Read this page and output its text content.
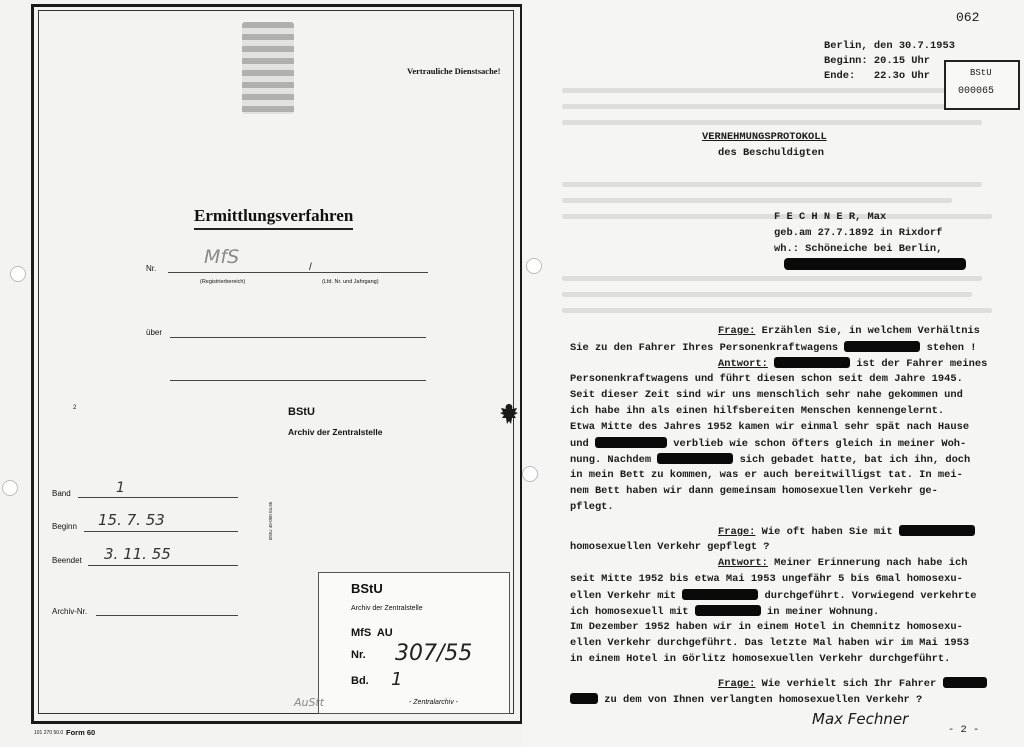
Vertrauliche Dienstsache!
Ermittlungsverfahren
Nr.
MfS	/
(Registrierbereich)	(Lfd. Nr. und Jahrgang)
über
2	BStU
Archiv der Zentralstelle
BStU 40-000 04.95
Band	1
Beginn 15. 7. 53
Beendet 3. 11. 55
Archiv-Nr.
BStU
Archiv der Zentralstelle
MfS  AU
Nr. 307/55
Bd. 1
- Zentralarchiv -
AuStt
101 270 50.0 Form 60
062
Berlin, den 30.7.1953
Beginn: 20.15 Uhr
Ende:   22.3o Uhr	BStU
000065
VERNEHMUNGSPROTOKOLL
des Beschuldigten
F E C H N E R, Max
geb.am 27.7.1892 in Rixdorf
wh.: Schöneiche bei Berlin,
Frage: Erzählen Sie, in welchem Verhältnis
Sie zu den Fahrer Ihres Personenkraftwagens	stehen !
Antwort:	ist der Fahrer meines
Personenkraftwagens und führt diesen schon seit dem Jahre 1945.
Seit dieser Zeit sind wir uns menschlich sehr nahe gekommen und
ich habe ihn als einen hilfsbereiten Menschen kennengelernt.
Etwa Mitte des Jahres 1952 kamen wir einmal sehr spät nach Hause
und	verblieb wie schon öfters gleich in meiner Woh-
nung. Nachdem	sich gebadet hatte, bat ich ihn, doch
in mein Bett zu kommen, was er auch bereitwilligst tat. In mei-
nem Bett haben wir dann gemeinsam homosexuellen Verkehr ge-
pflegt.
Frage: Wie oft haben Sie mit
homosexuellen Verkehr gepflegt ?
Antwort: Meiner Erinnerung nach habe ich
seit Mitte 1952 bis etwa Mai 1953 ungefähr 5 bis 6mal homosexu-
ellen Verkehr mit	durchgeführt. Vorwiegend verkehrte
ich homosexuell mit	in meiner Wohnung.
Im Dezember 1952 haben wir in einem Hotel in Chemnitz homosexu-
ellen Verkehr durchgeführt. Das letzte Mal haben wir im Mai 1953
in einem Hotel in Görlitz homosexuellen Verkehr durchgeführt.
Frage: Wie verhielt sich Ihr Fahrer
zu dem von Ihnen verlangten homosexuellen Verkehr ?
Max Fechner
- 2 -
